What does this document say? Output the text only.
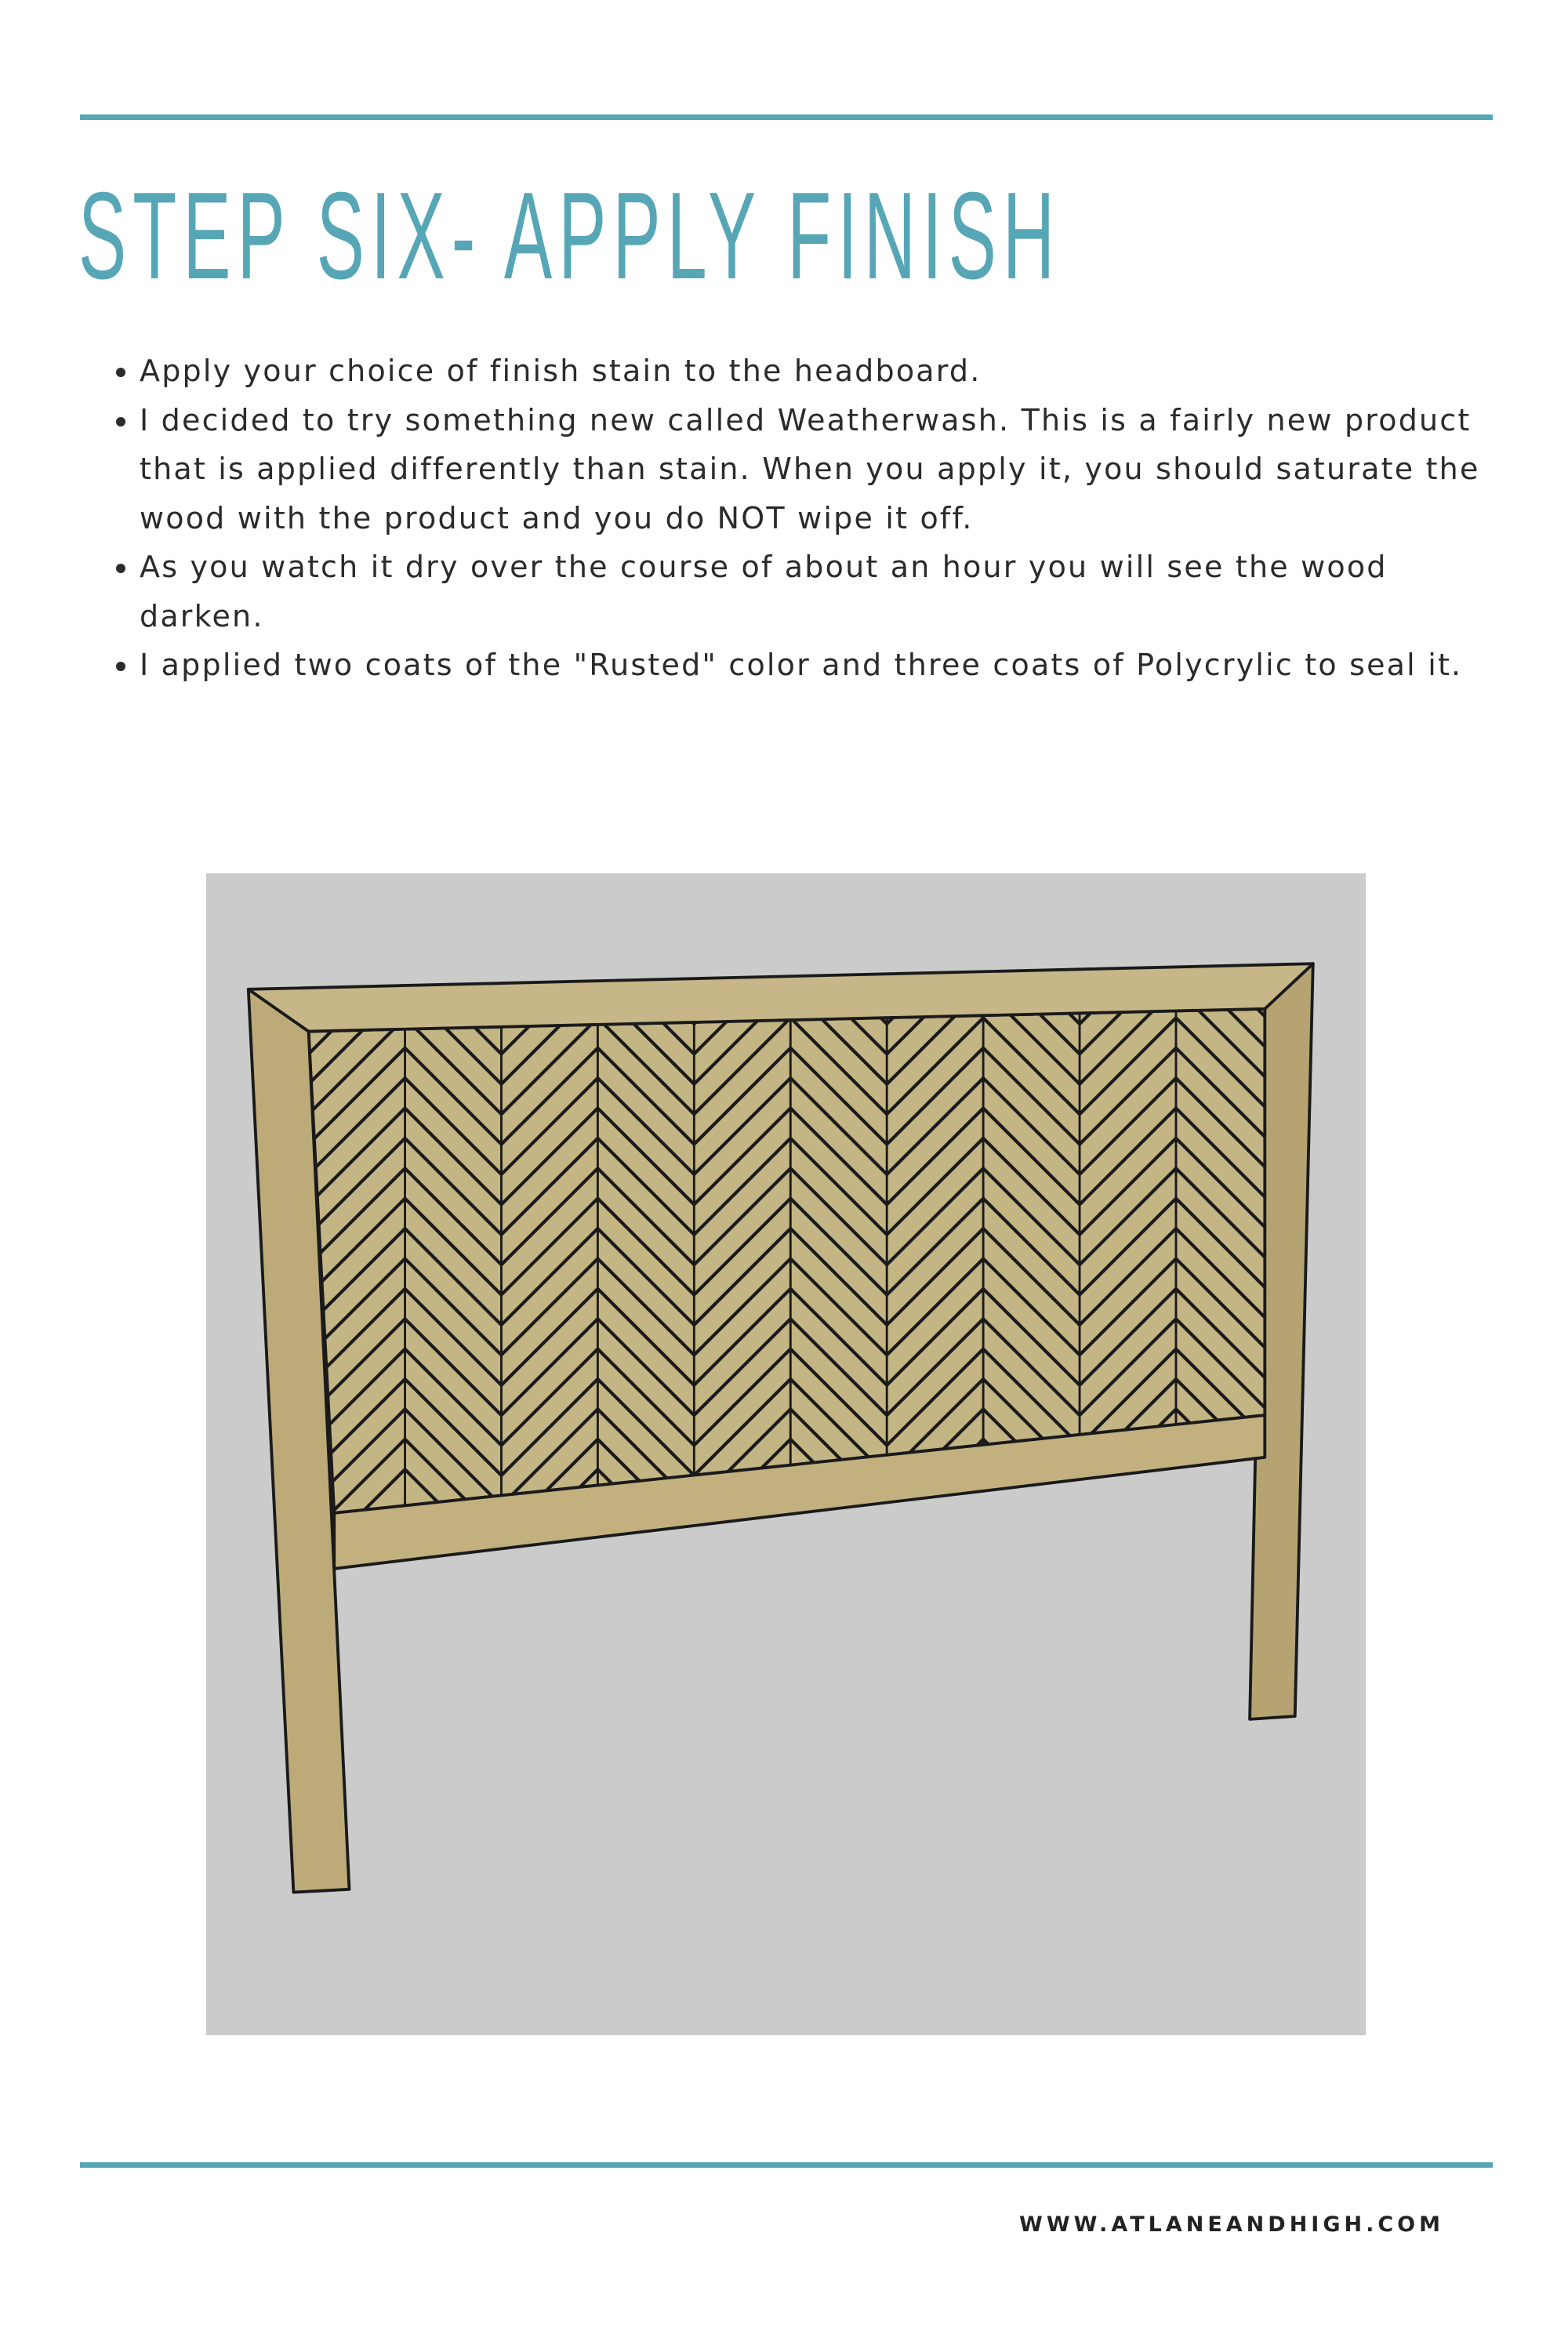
STEP SIX- APPLY FINISH
• Apply your choice of finish stain to the headboard.
• I decided to try something new called Weatherwash. This is a fairly new product that is applied differently than stain. When you apply it, you should saturate the wood with the product and you do NOT wipe it off.
• As you watch it dry over the course of about an hour you will see the wood darken.
• I applied two coats of the "Rusted" color and three coats of Polycrylic to seal it.
WWW.ATLANEANDHIGH.COM
